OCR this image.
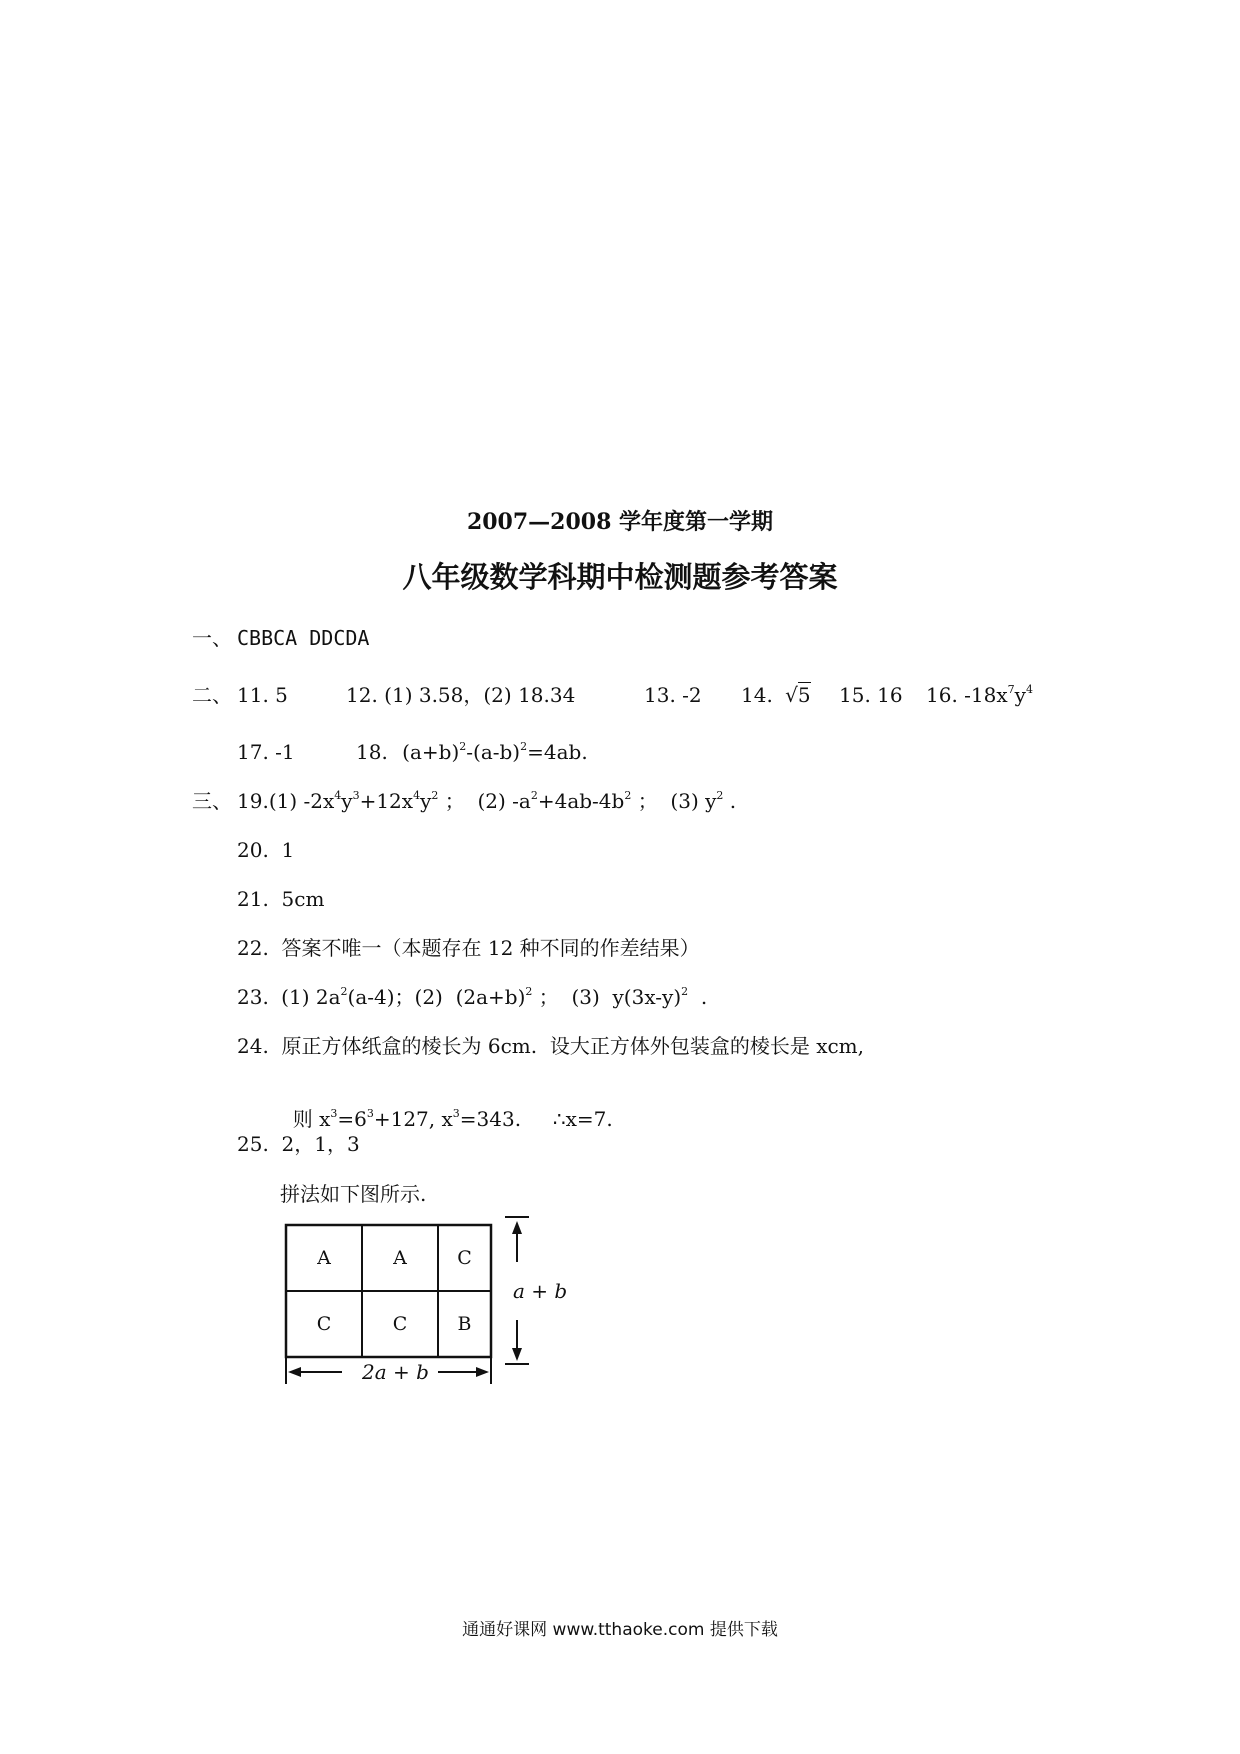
2007—2008 学年度第一学期
八年级数学科期中检测题参考答案
一、 CBBCA DDCDA
二、 11. 5	12. (1) 3.58，(2) 18.34	13. -2 14. √5 15. 16 16. $-18x^7y^4$
17. -1	18. $(a+b)^2-(a-b)^2=4ab$.
三、 19.(1) $-2x^4y^3+12x^4y^2$ ；  (2) $-a^2+4ab-4b^2$ ；  (3) $y^2$ .
20.  1
21.  5cm
22.  答案不唯一（本题存在 12 种不同的作差结果）
23. (1) $2a^2(a-4)$；(2)  $(2a+b)^2$ ；  (3)  $y(3x-y)^2$  .
24.  原正方体纸盒的棱长为 6cm.  设大正方体外包装盒的棱长是 xcm,

则 $x^3=6^3+127$, $x^3=343$.     ∴x=7.

25.  2，1，3
拼法如下图所示.
A	A	C
C	C	B
a + b
2a + b
通通好课网 www.tthaoke.com 提供下载
